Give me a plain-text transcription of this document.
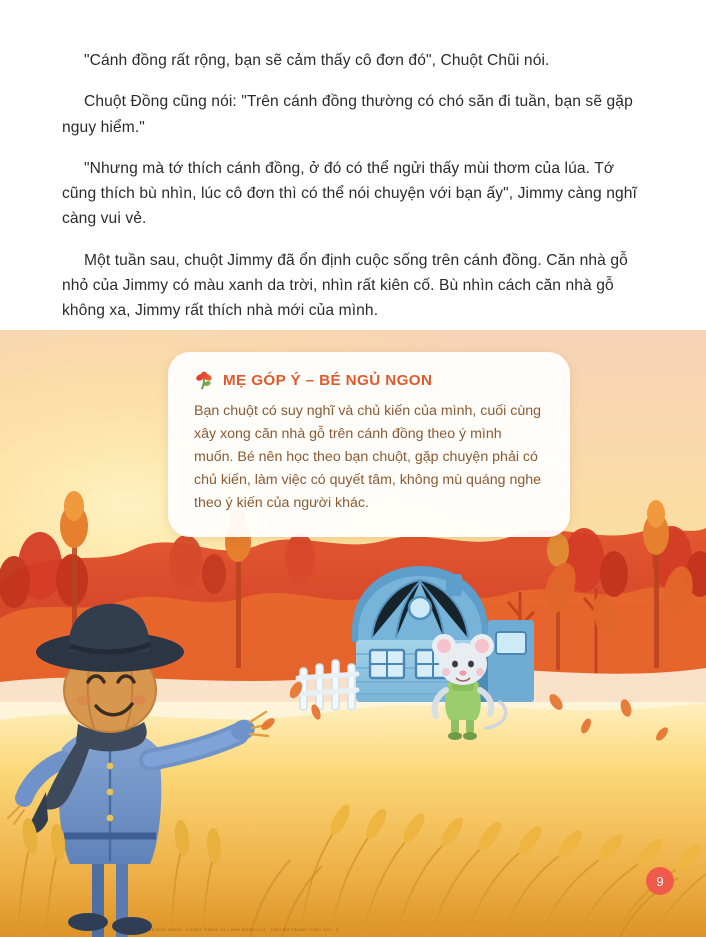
"Cánh đồng rất rộng, bạn sẽ cảm thấy cô đơn đó", Chuột Chũi nói.

Chuột Đồng cũng nói: "Trên cánh đồng thường có chó săn đi tuần, bạn sẽ gặp nguy hiểm."

"Nhưng mà tớ thích cánh đồng, ở đó có thể ngửi thấy mùi thơm của lúa. Tớ cũng thích bù nhìn, lúc cô đơn thì có thể nói chuyện với bạn ấy", Jimmy càng nghĩ càng vui vẻ.

Một tuần sau, chuột Jimmy đã ổn định cuộc sống trên cánh đồng. Căn nhà gỗ nhỏ của Jimmy có màu xanh da trời, nhìn rất kiên cố. Bù nhìn cách căn nhà gỗ không xa, Jimmy rất thích nhà mới của mình.

MẸ GÓP Ý – BÉ NGỦ NGON

Bạn chuột có suy nghĩ và chủ kiến của mình, cuối cùng xây xong căn nhà gỗ trên cánh đồng theo ý mình muốn. Bé nên học theo bạn chuột, gặp chuyện phải có chủ kiến, làm việc có quyết tâm, không mù quáng nghe theo ý kiến của người khác.

9
MẸ GÓP Ý – BÉ NGỦ NGON · CHUỘT JIMMY VÀ CÁNH ĐỒNG LÚA · TRUYỆN TRANH THIẾU NHI · 9
